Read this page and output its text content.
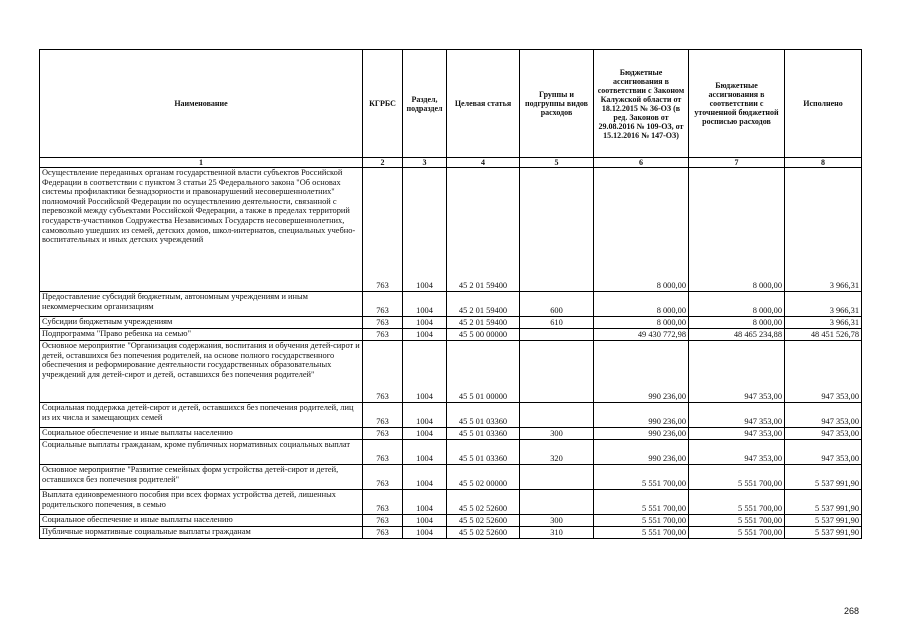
Наименование	КГРБС	Раздел, подраздел	Целевая статья	Группы и подгруппы видов расходов	Бюджетные ассигнования в соответствии с Законом Калужской области от 18.12.2015 № 36-ОЗ (в ред. Законов от 29.08.2016 № 109-ОЗ, от 15.12.2016 № 147-ОЗ)	Бюджетные ассигнования в соответствии с уточненной бюджетной росписью расходов	Исполнено
1	2	3	4	5	6	7	8
Осуществление переданных органам государственной власти субъектов Российской Федерации в соответствии с пунктом 3 статьи 25 Федерального закона "Об основах системы профилактики безнадзорности и правонарушений несовершеннолетних" полномочий Российской Федерации по осуществлению деятельности, связанной с перевозкой между субъектами Российской Федерации, а также в пределах территорий государств-участников Содружества Независимых Государств несовершеннолетних, самовольно ушедших из семей, детских домов, школ-интернатов, специальных учебно-воспитательных и иных детских учреждений	763	1004	45 2 01 59400		8 000,00	8 000,00	3 966,31
Предоставление субсидий бюджетным, автономным учреждениям и иным некоммерческим организациям	763	1004	45 2 01 59400	600	8 000,00	8 000,00	3 966,31
Субсидии бюджетным учреждениям	763	1004	45 2 01 59400	610	8 000,00	8 000,00	3 966,31
Подпрограмма "Право ребенка на семью"	763	1004	45 5 00 00000		49 430 772,98	48 465 234,88	48 451 526,78
Основное мероприятие "Организация содержания, воспитания и обучения детей-сирот и детей, оставшихся без попечения родителей, на основе полного государственного обеспечения и реформирование деятельности государственных образовательных учреждений для детей-сирот и детей, оставшихся без попечения родителей"	763	1004	45 5 01 00000		990 236,00	947 353,00	947 353,00
Социальная поддержка детей-сирот и детей, оставшихся без попечения родителей, лиц из их числа и замещающих семей	763	1004	45 5 01 03360		990 236,00	947 353,00	947 353,00
Социальное обеспечение и иные выплаты населению	763	1004	45 5 01 03360	300	990 236,00	947 353,00	947 353,00
Социальные выплаты гражданам, кроме публичных нормативных социальных выплат	763	1004	45 5 01 03360	320	990 236,00	947 353,00	947 353,00
Основное мероприятие "Развитие семейных форм устройства детей-сирот и детей, оставшихся без попечения родителей"	763	1004	45 5 02 00000		5 551 700,00	5 551 700,00	5 537 991,90
Выплата единовременного пособия при всех формах устройства детей, лишенных родительского попечения, в семью	763	1004	45 5 02 52600		5 551 700,00	5 551 700,00	5 537 991,90
Социальное обеспечение и иные выплаты населению	763	1004	45 5 02 52600	300	5 551 700,00	5 551 700,00	5 537 991,90
Публичные нормативные социальные выплаты гражданам	763	1004	45 5 02 52600	310	5 551 700,00	5 551 700,00	5 537 991,90
268
